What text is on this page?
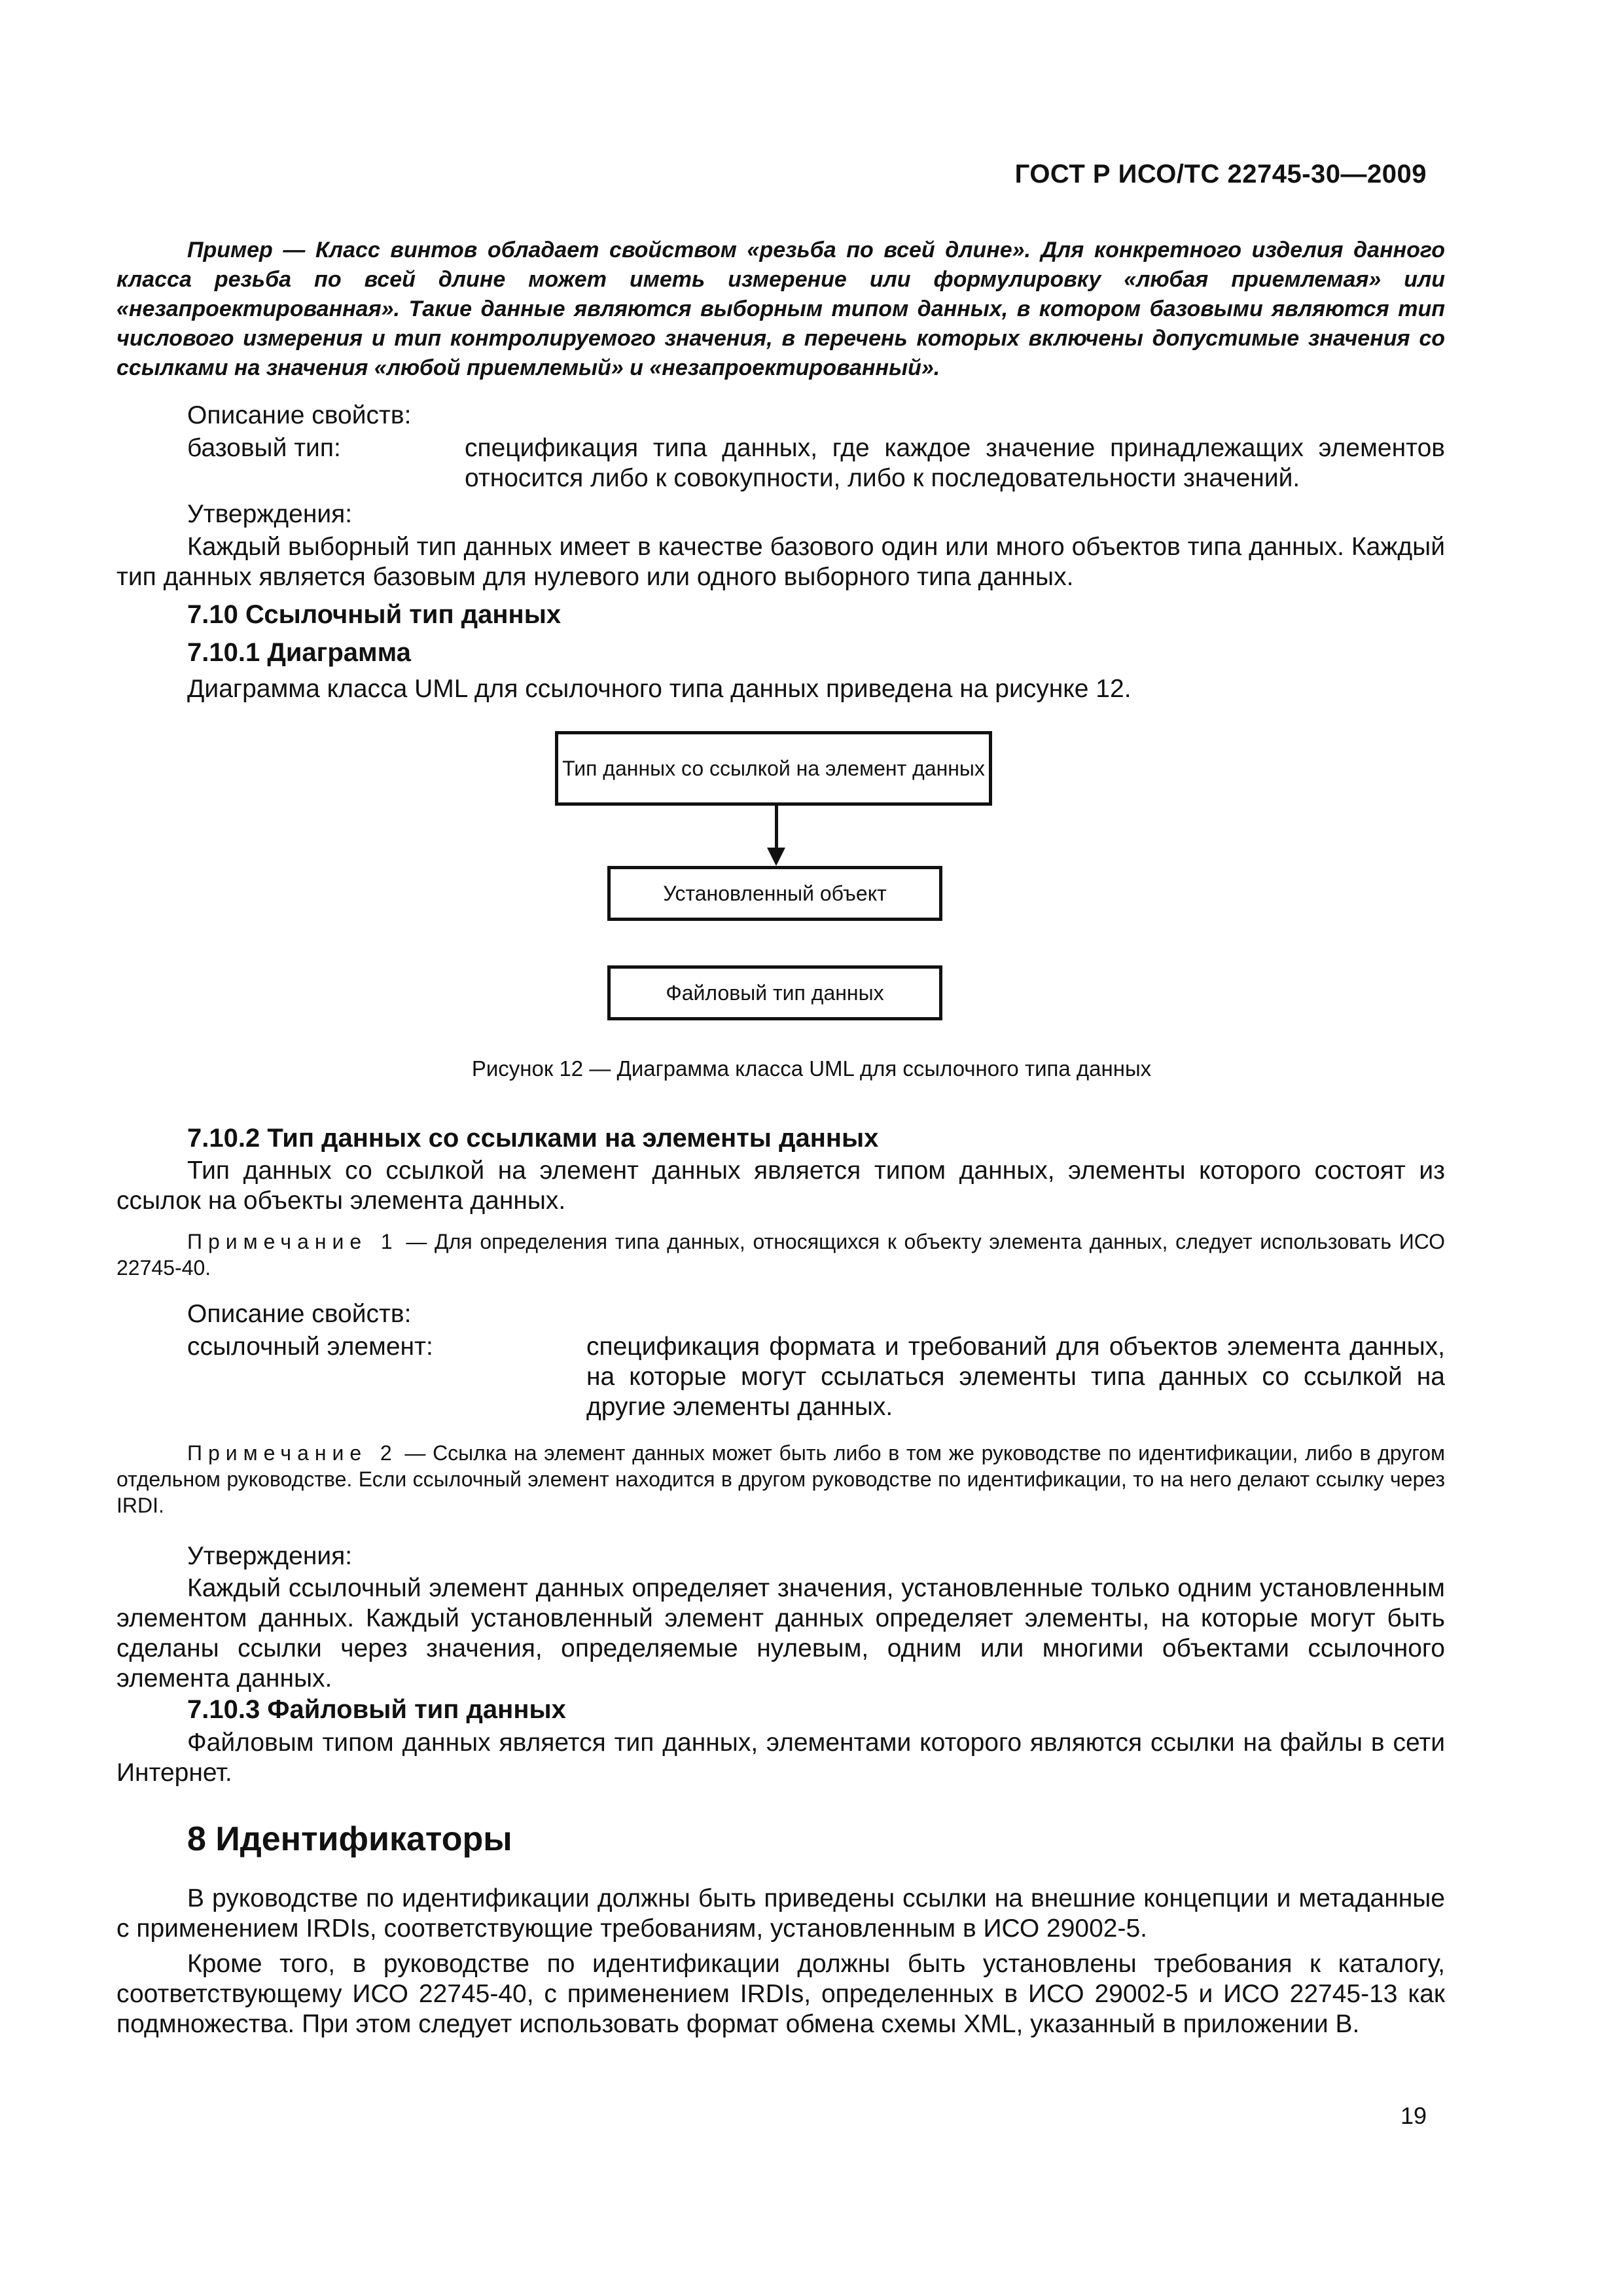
ГОСТ Р ИСО/ТС 22745-30—2009
Пример — Класс винтов обладает свойством «резьба по всей длине». Для конкретного изделия данного класса резьба по всей длине может иметь измерение или формулировку «любая приемлемая» или «незапроектированная». Такие данные являются выборным типом данных, в котором базовыми являются тип числового измерения и тип контролируемого значения, в перечень которых включены допустимые значения со ссылками на значения «любой приемлемый» и «незапроектированный».
Описание свойств:
базовый тип:	спецификация типа данных, где каждое значение принадлежащих элементов относится либо к совокупности, либо к последовательности значений.
Утверждения:
Каждый выборный тип данных имеет в качестве базового один или много объектов типа данных. Каждый тип данных является базовым для нулевого или одного выборного типа данных.
7.10 Ссылочный тип данных
7.10.1 Диаграмма
Диаграмма класса UML для ссылочного типа данных приведена на рисунке 12.
Тип данных со ссылкой на элемент данных
Установленный объект
Файловый тип данных
Рисунок 12 — Диаграмма класса UML для ссылочного типа данных
7.10.2 Тип данных со ссылками на элементы данных
Тип данных со ссылкой на элемент данных является типом данных, элементы которого состоят из ссылок на объекты элемента данных.
Примечание 1 — Для определения типа данных, относящихся к объекту элемента данных, следует использовать ИСО 22745-40.
Описание свойств:
ссылочный элемент:	спецификация формата и требований для объектов элемента данных, на которые могут ссылаться элементы типа данных со ссылкой на другие элементы данных.
Примечание 2 — Ссылка на элемент данных может быть либо в том же руководстве по идентификации, либо в другом отдельном руководстве. Если ссылочный элемент находится в другом руководстве по идентификации, то на него делают ссылку через IRDI.
Утверждения:
Каждый ссылочный элемент данных определяет значения, установленные только одним установленным элементом данных. Каждый установленный элемент данных определяет элементы, на которые могут быть сделаны ссылки через значения, определяемые нулевым, одним или многими объектами ссылочного элемента данных.
7.10.3 Файловый тип данных
Файловым типом данных является тип данных, элементами которого являются ссылки на файлы в сети Интернет.
8 Идентификаторы
В руководстве по идентификации должны быть приведены ссылки на внешние концепции и метаданные с применением IRDIs, соответствующие требованиям, установленным в ИСО 29002-5.
Кроме того, в руководстве по идентификации должны быть установлены требования к каталогу, соответствующему ИСО 22745-40, с применением IRDIs, определенных в ИСО 29002-5 и ИСО 22745-13 как подмножества. При этом следует использовать формат обмена схемы XML, указанный в приложении B.
19
